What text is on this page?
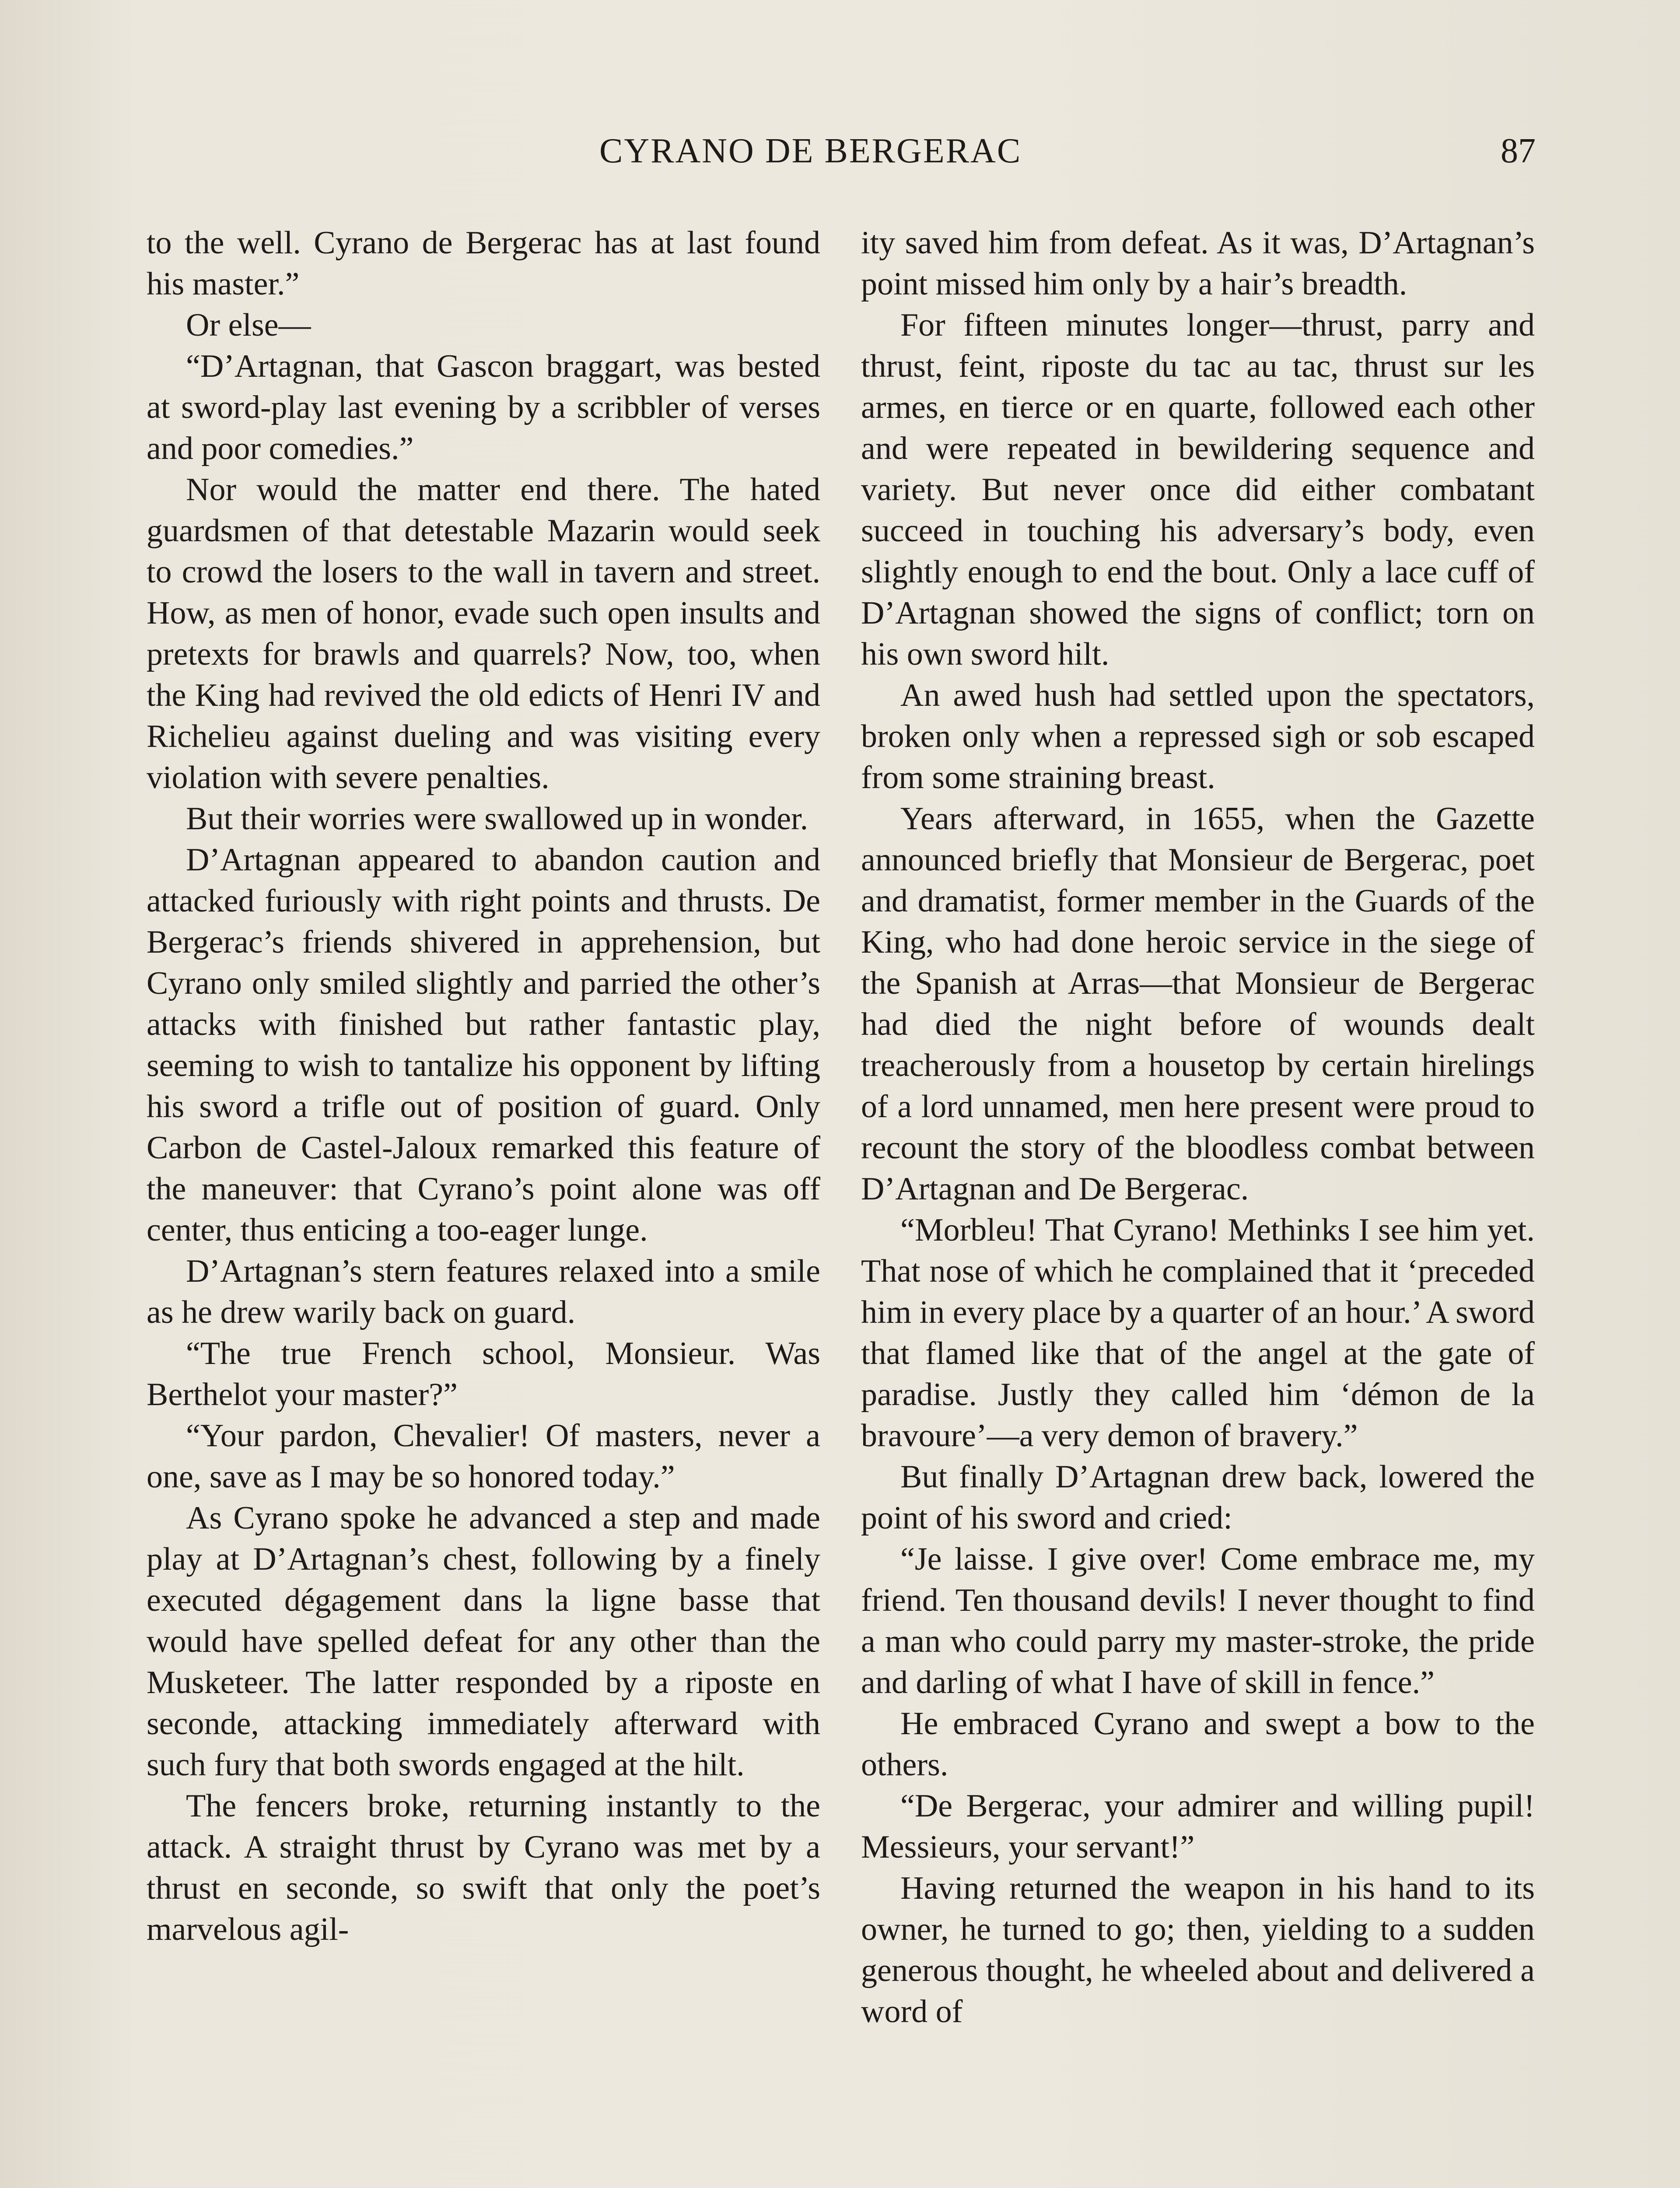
CYRANO DE BERGERAC	87

to the well. Cyrano de Bergerac has at last found his master.”

Or else—

“D’Artagnan, that Gascon braggart, was bested at sword-play last evening by a scribbler of verses and poor comedies.”

Nor would the matter end there. The hated guardsmen of that detestable Mazarin would seek to crowd the losers to the wall in tavern and street. How, as men of honor, evade such open insults and pretexts for brawls and quarrels? Now, too, when the King had revived the old edicts of Henri IV and Richelieu against dueling and was visiting every violation with severe penalties.

But their worries were swallowed up in wonder.

D’Artagnan appeared to abandon caution and attacked furiously with right points and thrusts. De Bergerac’s friends shivered in apprehension, but Cyrano only smiled slightly and parried the other’s attacks with finished but rather fantastic play, seeming to wish to tantalize his opponent by lifting his sword a trifle out of position of guard. Only Carbon de Castel-Jaloux remarked this feature of the maneuver: that Cyrano’s point alone was off center, thus enticing a too-eager lunge.

D’Artagnan’s stern features relaxed into a smile as he drew warily back on guard.

“The true French school, Monsieur. Was Berthelot your master?”

“Your pardon, Chevalier! Of masters, never a one, save as I may be so honored today.”

As Cyrano spoke he advanced a step and made play at D’Artagnan’s chest, following by a finely executed dégagement dans la ligne basse that would have spelled defeat for any other than the Musketeer. The latter responded by a riposte en seconde, attacking immediately afterward with such fury that both swords engaged at the hilt.

The fencers broke, returning instantly to the attack. A straight thrust by Cyrano was met by a thrust en seconde, so swift that only the poet’s marvelous agil-

ity saved him from defeat. As it was, D’Artagnan’s point missed him only by a hair’s breadth.

For fifteen minutes longer—thrust, parry and thrust, feint, riposte du tac au tac, thrust sur les armes, en tierce or en quarte, followed each other and were repeated in bewildering sequence and variety. But never once did either combatant succeed in touching his adversary’s body, even slightly enough to end the bout. Only a lace cuff of D’Artagnan showed the signs of conflict; torn on his own sword hilt.

An awed hush had settled upon the spectators, broken only when a repressed sigh or sob escaped from some straining breast.

Years afterward, in 1655, when the Gazette announced briefly that Monsieur de Bergerac, poet and dramatist, former member in the Guards of the King, who had done heroic service in the siege of the Spanish at Arras—that Monsieur de Bergerac had died the night before of wounds dealt treacherously from a housetop by certain hirelings of a lord unnamed, men here present were proud to recount the story of the bloodless combat between D’Artagnan and De Bergerac.

“Morbleu! That Cyrano! Methinks I see him yet. That nose of which he complained that it ‘preceded him in every place by a quarter of an hour.’ A sword that flamed like that of the angel at the gate of paradise. Justly they called him ‘démon de la bravoure’—a very demon of bravery.”

But finally D’Artagnan drew back, lowered the point of his sword and cried:

“Je laisse. I give over! Come embrace me, my friend. Ten thousand devils! I never thought to find a man who could parry my master-stroke, the pride and darling of what I have of skill in fence.”

He embraced Cyrano and swept a bow to the others.

“De Bergerac, your admirer and willing pupil! Messieurs, your servant!”

Having returned the weapon in his hand to its owner, he turned to go; then, yielding to a sudden generous thought, he wheeled about and delivered a word of
